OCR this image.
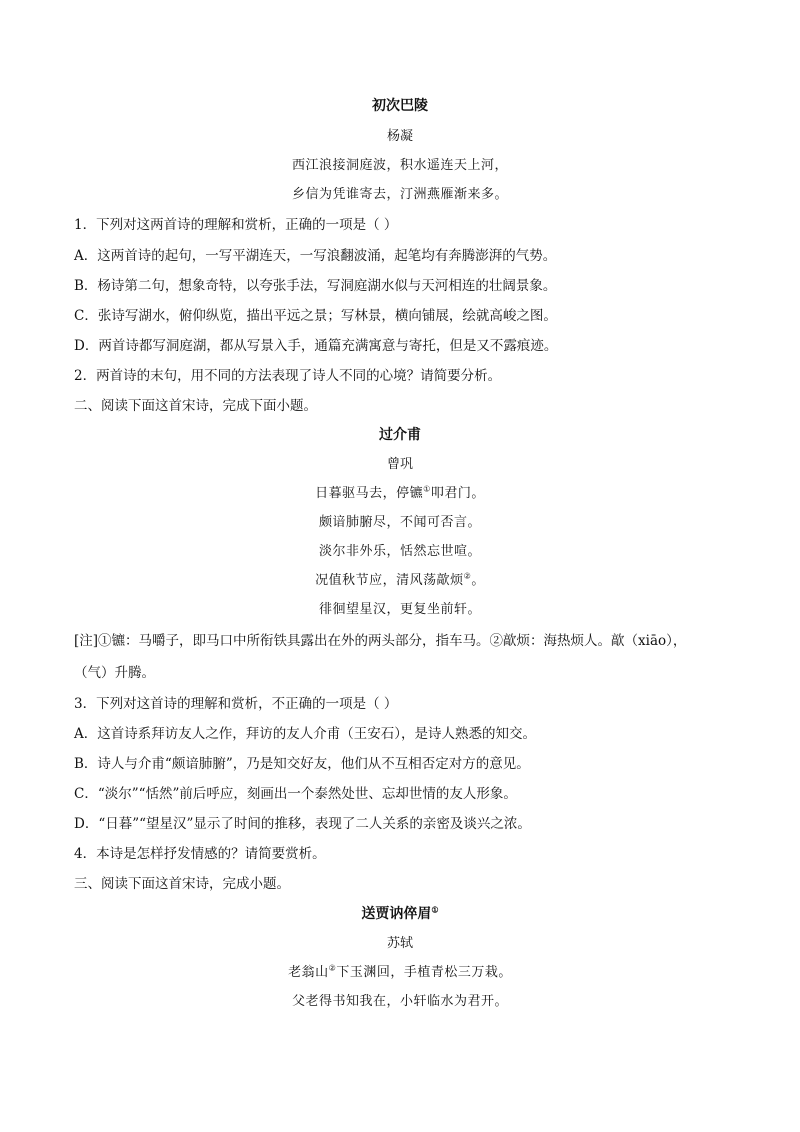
初次巴陵
杨凝
西江浪接洞庭波，积水遥连天上河，
乡信为凭谁寄去，汀洲燕雁渐来多。
1．下列对这两首诗的理解和赏析，正确的一项是（ ）
A．这两首诗的起句，一写平湖连天，一写浪翻波涌，起笔均有奔腾澎湃的气势。
B．杨诗第二句，想象奇特，以夸张手法，写洞庭湖水似与天河相连的壮阔景象。
C．张诗写湖水，俯仰纵览，描出平远之景；写林景，横向铺展，绘就高峻之图。
D．两首诗都写洞庭湖，都从写景入手，通篇充满寓意与寄托，但是又不露痕迹。
2．两首诗的末句，用不同的方法表现了诗人不同的心境？请简要分析。
二、阅读下面这首宋诗，完成下面小题。
过介甫
曾巩
日暮驱马去，停镳①叩君门。
颇谙肺腑尽，不闻可否言。
淡尔非外乐，恬然忘世喧。
况值秋节应，清风荡歊烦②。
徘徊望星汉，更复坐前轩。
[注]①镳：马嚼子，即马口中所衔铁具露出在外的两头部分，指车马。②歊烦：海热烦人。歊（xiāo），
（气）升腾。
3．下列对这首诗的理解和赏析，不正确的一项是（ ）
A．这首诗系拜访友人之作，拜访的友人介甫（王安石），是诗人熟悉的知交。
B．诗人与介甫“颇谙肺腑”，乃是知交好友，他们从不互相否定对方的意见。
C．“淡尔”“恬然”前后呼应，刻画出一个泰然处世、忘却世情的友人形象。
D．“日暮”“望星汉”显示了时间的推移，表现了二人关系的亲密及谈兴之浓。
4．本诗是怎样抒发情感的？请简要赏析。
三、阅读下面这首宋诗，完成小题。
送贾讷倅眉①
苏轼
老翁山②下玉渊回，手植青松三万栽。
父老得书知我在，小轩临水为君开。
